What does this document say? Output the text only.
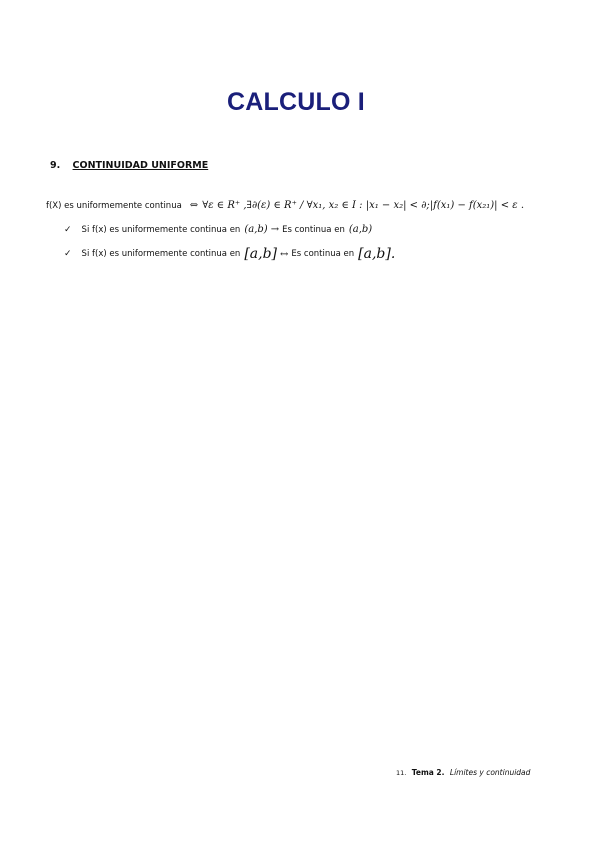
CALCULO I
9. CONTINUIDAD UNIFORME
f(X) es uniformemente continua ⇔ ∀ε ∈ R⁺ ,∃∂(ε) ∈ R⁺ / ∀x₁, x₂ ∈ I : |x₁ − x₂| < ∂;|f(x₁) − f(x₂₁)| < ε .
✓ Si f(x) es uniformemente continua en (a,b) → Es continua en (a,b)
✓ Si f(x) es uniformemente continua en [a,b] ↔ Es continua en [a,b].
11. Tema 2. Límites y continuidad
